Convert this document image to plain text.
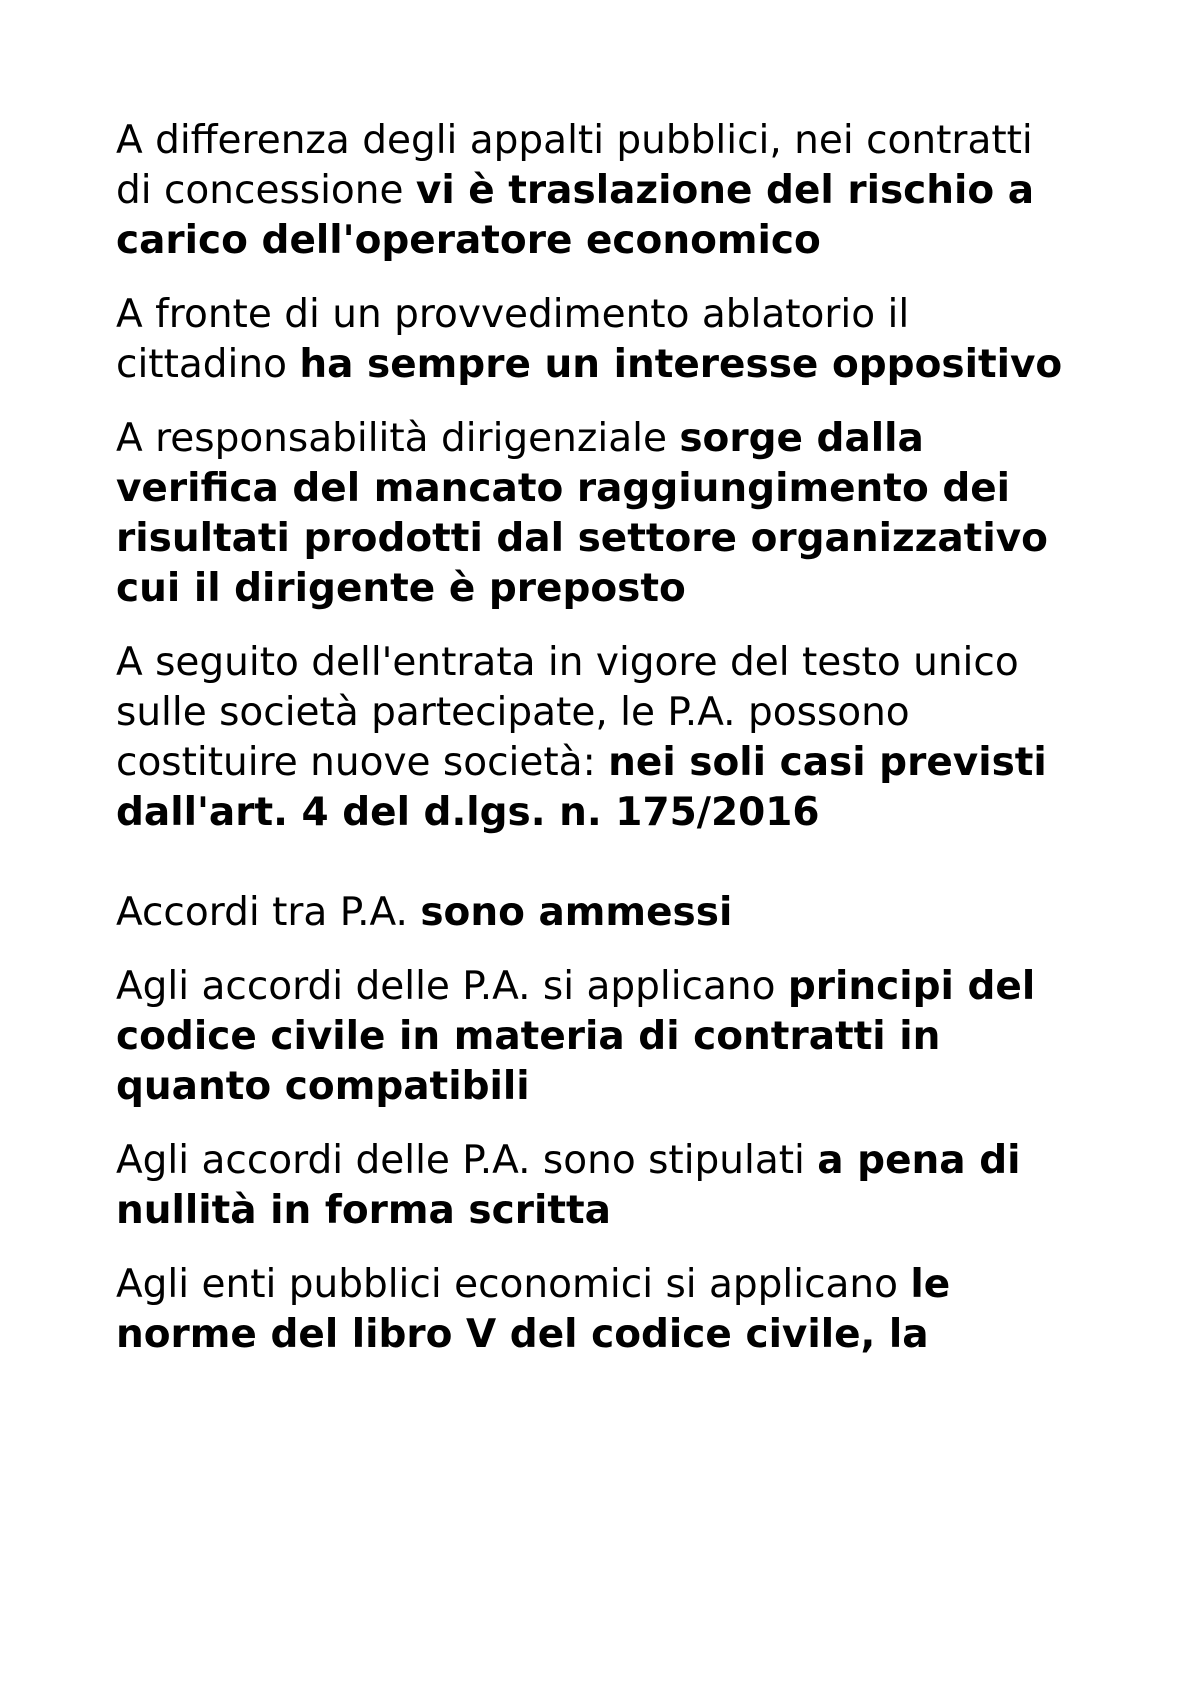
A differenza degli appalti pubblici, nei contratti di concessione vi è traslazione del rischio a carico dell'operatore economico

A fronte di un provvedimento ablatorio il cittadino ha sempre un interesse oppositivo

A responsabilità dirigenziale sorge dalla verifica del mancato raggiungimento dei risultati prodotti dal settore organizzativo cui il dirigente è preposto

A seguito dell'entrata in vigore del testo unico sulle società partecipate, le P.A. possono costituire nuove società: nei soli casi previsti dall'art. 4 del d.lgs. n. 175/2016

Accordi tra P.A. sono ammessi

Agli accordi delle P.A. si applicano principi del codice civile in materia di contratti in quanto compatibili

Agli accordi delle P.A. sono stipulati a pena di nullità in forma scritta

Agli enti pubblici economici si applicano le norme del libro V del codice civile, la
